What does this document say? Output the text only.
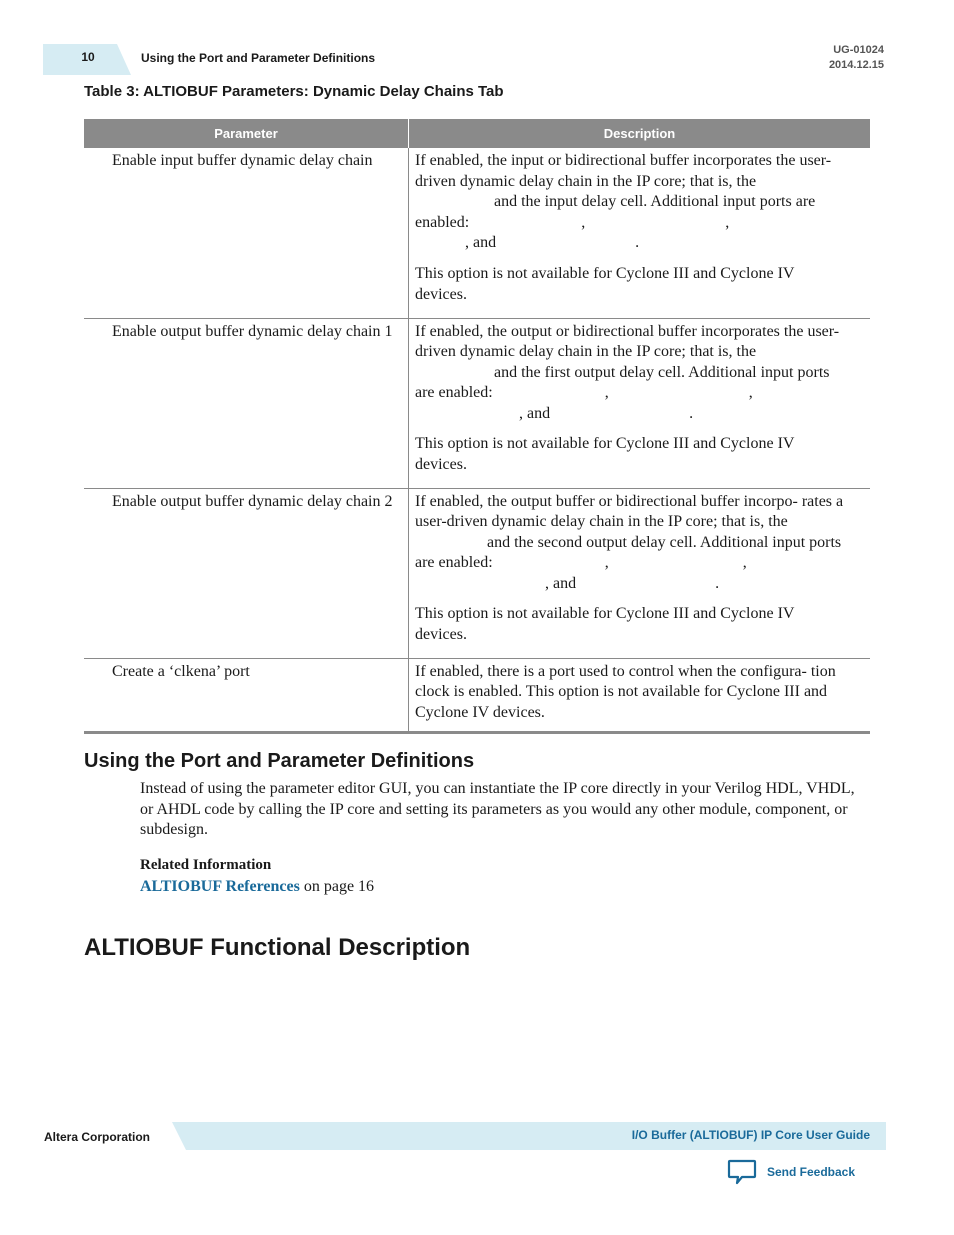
10	Using the Port and Parameter Definitions
UG-01024
2014.12.15
Table 3: ALTIOBUF Parameters: Dynamic Delay Chains Tab
Parameter	Description
Enable input buffer dynamic delay chain	If enabled, the input or bidirectional buffer incorporates the user-driven dynamic delay chain in the IP core; that is, the
and the input delay cell. Additional input ports are enabled: , ,
, and .

This option is not available for Cyclone III and Cyclone IV devices.

Enable output buffer dynamic delay chain 1	If enabled, the output or bidirectional buffer incorporates the user-driven dynamic delay chain in the IP core; that is, the
and the first output delay cell. Additional input ports are enabled: , ,
, and .

This option is not available for Cyclone III and Cyclone IV devices.

Enable output buffer dynamic delay chain 2	If enabled, the output buffer or bidirectional buffer incorpo- rates a user-driven dynamic delay chain in the IP core; that is, the and the second output delay cell. Additional input ports are enabled: , ,
, and .

This option is not available for Cyclone III and Cyclone IV devices.

Create a ‘clkena’ port	If enabled, there is a port used to control when the configura- tion clock is enabled. This option is not available for Cyclone III and Cyclone IV devices.

Using the Port and Parameter Definitions
Instead of using the parameter editor GUI, you can instantiate the IP core directly in your Verilog HDL, VHDL, or AHDL code by calling the IP core and setting its parameters as you would any other module, component, or subdesign.
Related Information
ALTIOBUF References on page 16
ALTIOBUF Functional Description
Altera Corporation	I/O Buffer (ALTIOBUF) IP Core User Guide
Send Feedback
